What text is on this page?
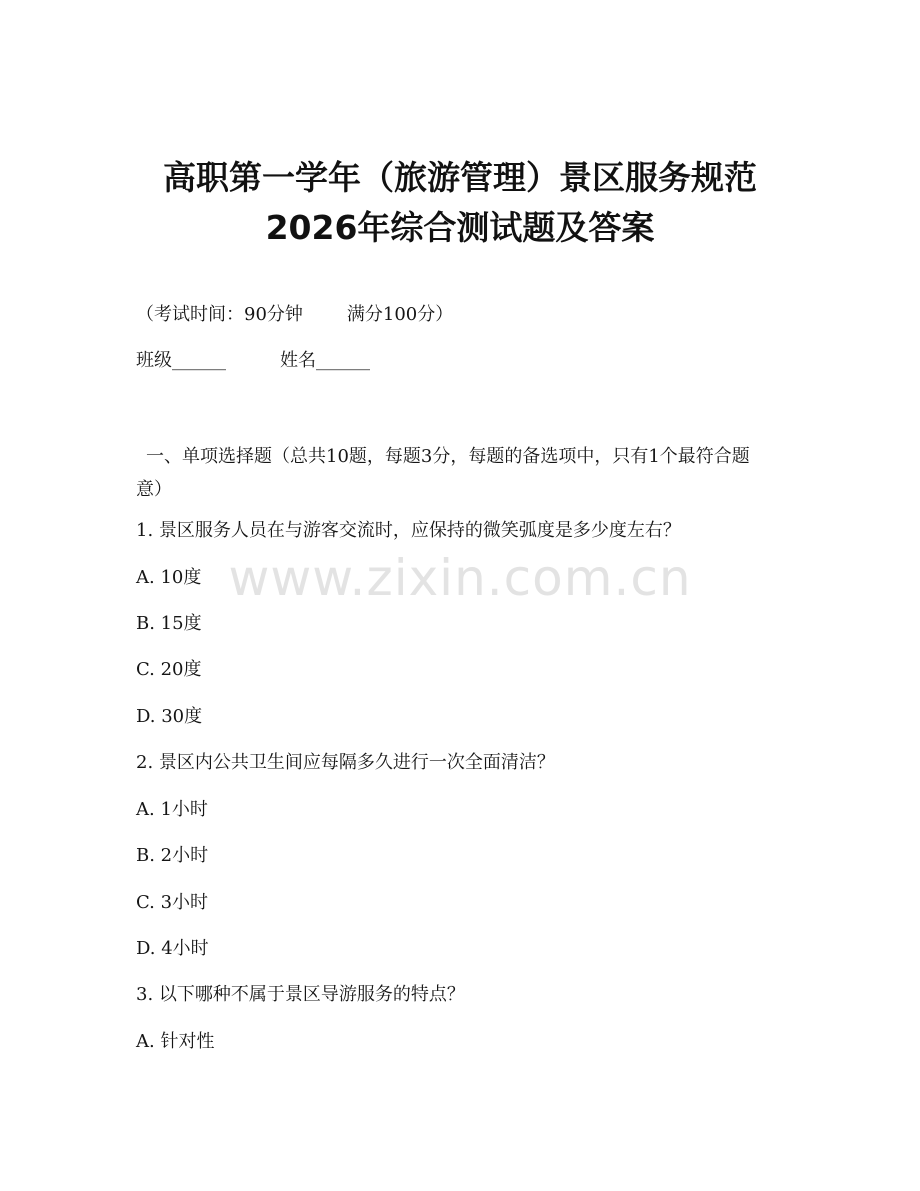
高职第一学年（旅游管理）景区服务规范
2026年综合测试题及答案
（考试时间：90分钟 满分100分）
班级______	姓名______
一、单项选择题（总共10题，每题3分，每题的备选项中，只有1个最符合题意）
1. 景区服务人员在与游客交流时，应保持的微笑弧度是多少度左右？
A. 10度
B. 15度
C. 20度
D. 30度
2. 景区内公共卫生间应每隔多久进行一次全面清洁？
A. 1小时
B. 2小时
C. 3小时
D. 4小时
3. 以下哪种不属于景区导游服务的特点？
A. 针对性
www.zixin.com.cn
